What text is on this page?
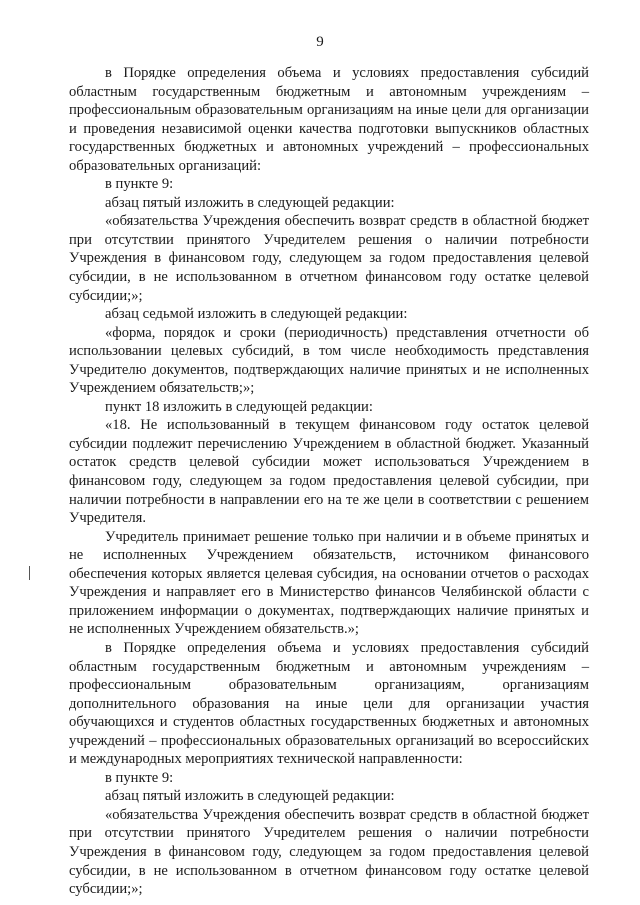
9

в Порядке определения объема и условиях предоставления субсидий областным государственным бюджетным и автономным учреждениям – профессиональным образовательным организациям на иные цели для организации и проведения независимой оценки качества подготовки выпускников областных государственных бюджетных и автономных учреждений – профессиональных образовательных организаций:

в пункте 9:

абзац пятый изложить в следующей редакции:

«обязательства Учреждения обеспечить возврат средств в областной бюджет при отсутствии принятого Учредителем решения о наличии потребности Учреждения в финансовом году, следующем за годом предоставления целевой субсидии, в не использованном в отчетном финансовом году остатке целевой субсидии;»;

абзац седьмой изложить в следующей редакции:

«форма, порядок и сроки (периодичность) представления отчетности об использовании целевых субсидий, в том числе необходимость представления Учредителю документов, подтверждающих наличие принятых и не исполненных Учреждением обязательств;»;

пункт 18 изложить в следующей редакции:

«18. Не использованный в текущем финансовом году остаток целевой субсидии подлежит перечислению Учреждением в областной бюджет. Указанный остаток средств целевой субсидии может использоваться Учреждением в финансовом году, следующем за годом предоставления целевой субсидии, при наличии потребности в направлении его на те же цели в соответствии с решением Учредителя.

Учредитель принимает решение только при наличии и в объеме принятых и не исполненных Учреждением обязательств, источником финансового обеспечения которых является целевая субсидия, на основании отчетов о расходах Учреждения и направляет его в Министерство финансов Челябинской области с приложением информации о документах, подтверждающих наличие принятых и не исполненных Учреждением обязательств.»;

в Порядке определения объема и условиях предоставления субсидий областным государственным бюджетным и автономным учреждениям – профессиональным образовательным организациям, организациям дополнительного образования на иные цели для организации участия обучающихся и студентов областных государственных бюджетных и автономных учреждений – профессиональных образовательных организаций во всероссийских и международных мероприятиях технической направленности:

в пункте 9:

абзац пятый изложить в следующей редакции:

«обязательства Учреждения обеспечить возврат средств в областной бюджет при отсутствии принятого Учредителем решения о наличии потребности Учреждения в финансовом году, следующем за годом предоставления целевой субсидии, в не использованном в отчетном финансовом году остатке целевой субсидии;»;
